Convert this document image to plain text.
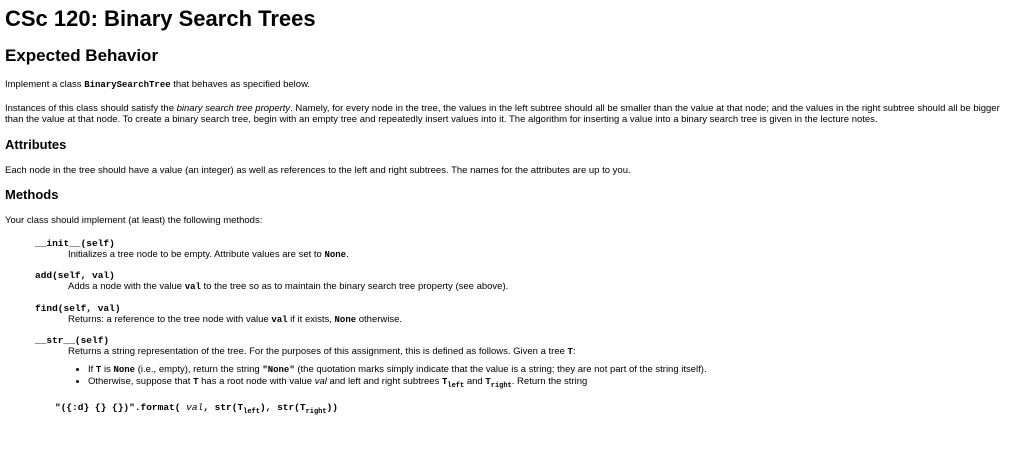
CSc 120: Binary Search Trees
Expected Behavior

Implement a class BinarySearchTree that behaves as specified below.

Instances of this class should satisfy the binary search tree property. Namely, for every node in the tree, the values in the left subtree should all be smaller than the value at that node; and the values in the right subtree should all be bigger than the value at that node. To create a binary search tree, begin with an empty tree and repeatedly insert values into it. The algorithm for inserting a value into a binary search tree is given in the lecture notes.

Attributes

Each node in the tree should have a value (an integer) as well as references to the left and right subtrees. The names for the attributes are up to you.

Methods

Your class should implement (at least) the following methods:

__init__(self)
Initializes a tree node to be empty. Attribute values are set to None.
add(self, val)
Adds a node with the value val to the tree so as to maintain the binary search tree property (see above).
find(self, val)
Returns: a reference to the tree node with value val if it exists, None otherwise.
__str__(self)
Returns a string representation of the tree. For the purposes of this assignment, this is defined as follows. Given a tree T:
• If T is None (i.e., empty), return the string "None" (the quotation marks simply indicate that the value is a string; they are not part of the string itself).
• Otherwise, suppose that T has a root node with value val and left and right subtrees $T_{left}$ and $T_{right}$. Return the string
"({:d} {} {})".format( val, $str(T_{left})$, $str(T_{right})$)
